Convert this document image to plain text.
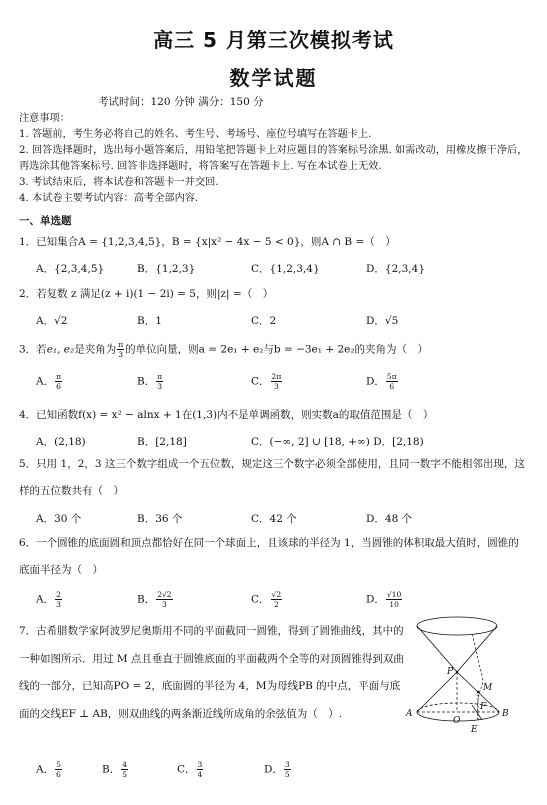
高三 5 月第三次模拟考试
数学试题
考试时间：120 分钟 满分：150 分
注意事项：
1. 答题前，考生务必将自己的姓名、考生号、考场号、座位号填写在答题卡上.
2. 回答选择题时，选出每小题答案后，用铅笔把答题卡上对应题目的答案标号涂黑. 如需改动，用橡皮擦干净后，再选涂其他答案标号. 回答非选择题时，将答案写在答题卡上. 写在本试卷上无效.
3. 考试结束后，将本试卷和答题卡一并交回.
4. 本试卷主要考试内容：高考全部内容.
一、单选题
1．已知集合A = {1,2,3,4,5}，B = {x|x² − 4x − 5 < 0}，则A ∩ B =（　）
A．{2,3,4,5}	B．{1,2,3}	C．{1,2,3,4}	D．{2,3,4}
2．若复数 z 满足(z + i)(1 − 2i) = 5，则|z| =（　）
A．√2	B．1	C．2	D．√5
3．若e₁, e₂是夹角为 $\frac{\pi}{3}$ 的单位向量，则a = 2e₁ + e₂与b = −3e₁ + 2e₂的夹角为（　）
A． $\frac{\pi}{6}$	B． $\frac{\pi}{3}$	C． $\frac{2\pi}{3}$	D． $\frac{5\pi}{6}$
4．已知函数f(x) = x² − alnx + 1在(1,3)内不是单调函数，则实数a的取值范围是（　）
A．(2,18)	B．[2,18]	C．(−∞, 2] ∪ [18, +∞) D．[2,18)
5．只用 1，2，3 这三个数字组成一个五位数，规定这三个数字必须全部使用，且同一数字不能相邻出现，这样的五位数共有（　）
A．30 个	B．36 个	C．42 个	D．48 个
6．一个圆锥的底面圆和顶点都恰好在同一个球面上，且该球的半径为 1，当圆锥的体积取最大值时，圆锥的底面半径为（　）
A． $\frac{2}{3}$	B． $\frac{2√2}{3}$	C． $\frac{√2}{2}$	D． $\frac{√10}{10}$
7．古希腊数学家阿波罗尼奥斯用不同的平面截同一圆锥，得到了圆锥曲线，其中的一种如图所示．用过 M 点且垂直于圆锥底面的平面截两个全等的对顶圆锥得到双曲线的一部分，已知高PO = 2，底面圆的半径为 4，M为母线PB 的中点，平面与底面的交线EF ⊥ AB，则双曲线的两条渐近线所成角的余弦值为（　）.
A． $\frac{5}{6}$	B． $\frac{4}{5}$	C． $\frac{3}{4}$	D． $\frac{3}{5}$
P
M
A	B
O
F
E
